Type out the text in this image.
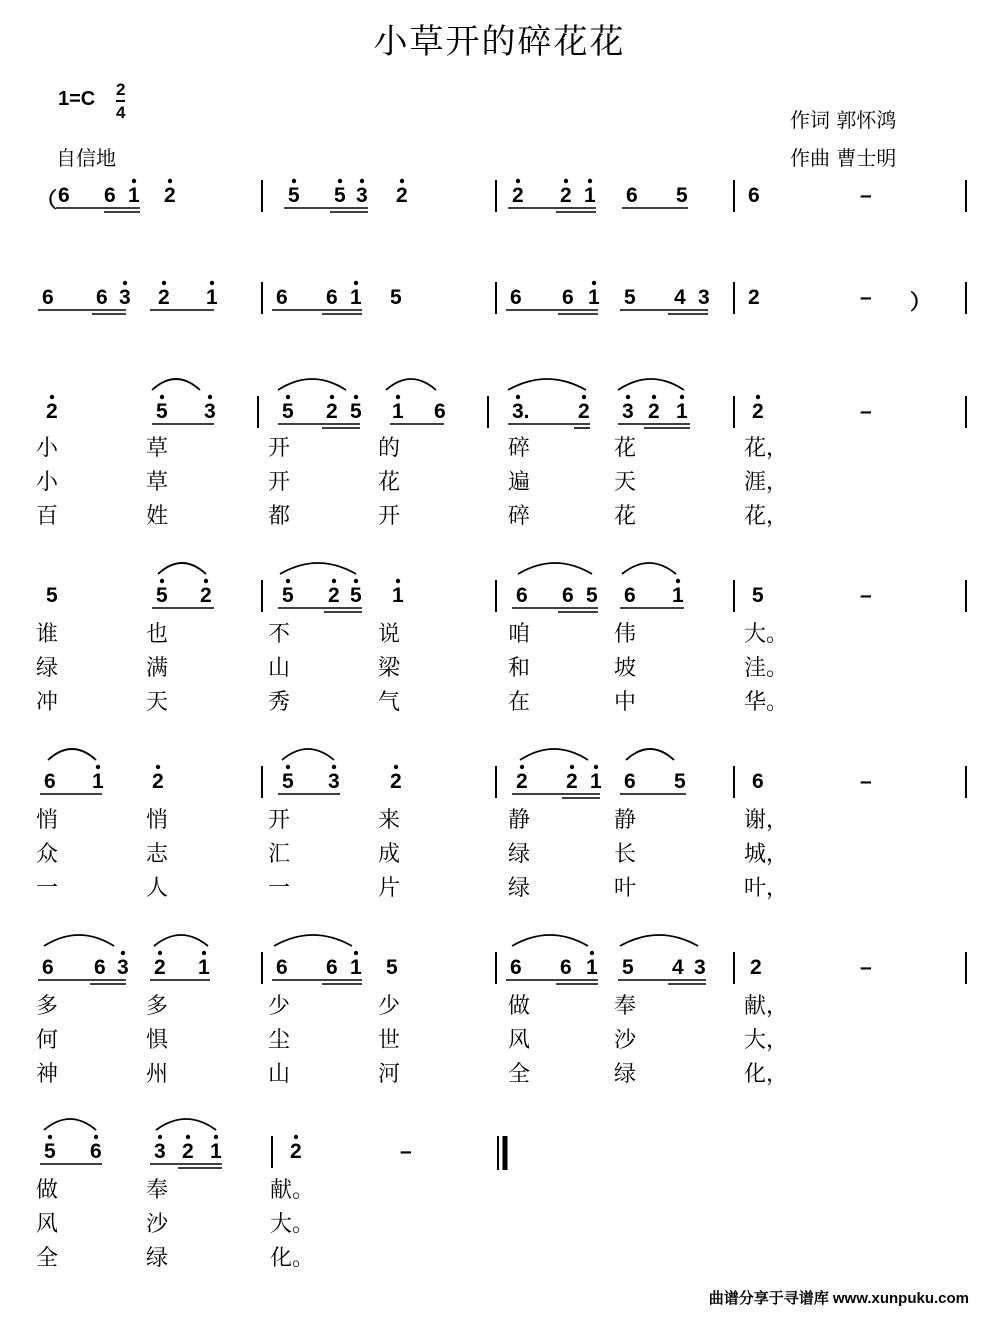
小草开的碎花花
1=C 2
4
自信地
作词 郭怀鸿
作曲 曹士明
（ 6 6 1 2	5 5 3 2	2 2 1 6 5	6	–
6 6 3 2 1	6 6 1 5	6 6 1 5 4 3 2	– ）
2	5 3	5 2 5 1 6	3. 2 3 2 1	2	–
5	5 2	5 2 5 1	6 6 5 6 1	5	–
6 1 2	5 3 2	2 2 1 6 5	6	–
6 6 3 2 1	6 6 1 5	6 6 1 5 4 3 2	–
5 6 3 2 1	2	–
小	草	开	的	碎	花	花，
小	草	开	花	遍	天	涯，
百	姓	都	开	碎	花	花，
谁	也	不	说	咱	伟	大。
绿	满	山	梁	和	坡	洼。
冲	天	秀	气	在	中	华。
悄	悄	开	来	静	静	谢，
众	志	汇	成	绿	长	城，
一	人	一	片	绿	叶	叶，
多	多	少	少	做	奉	献，
何	惧	尘	世	风	沙	大，
神	州	山	河	全	绿	化，
做	奉	献。
风	沙	大。
全	绿	化。
曲谱分享于寻谱库 www.xunpuku.com
